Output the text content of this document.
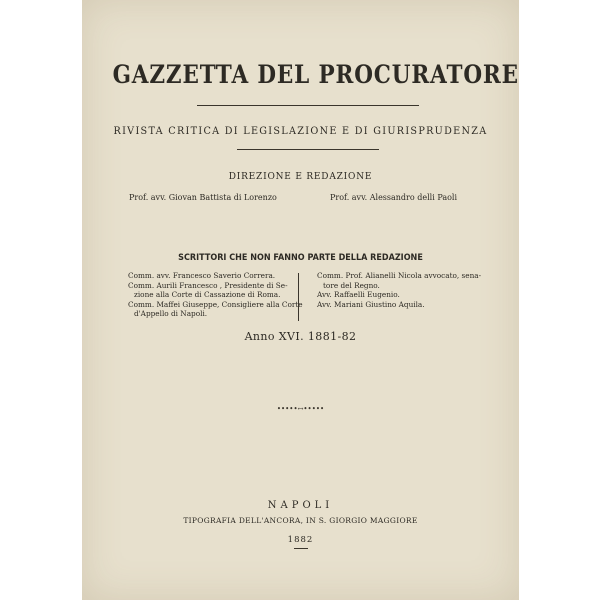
GAZZETTA DEL PROCURATORE
RIVISTA CRITICA DI LEGISLAZIONE E DI GIURISPRUDENZA
DIREZIONE E REDAZIONE
Prof. avv. Giovan Battista di Lorenzo	Prof. avv. Alessandro delli Paoli
SCRITTORI CHE NON FANNO PARTE DELLA REDAZIONE
Comm. avv. Francesco Saverio Correra.
Comm. Aurili Francesco , Presidente di Se-
zione alla Corte di Cassazione di Roma.
Comm. Maffei Giuseppe, Consigliere alla Corte
d'Appello di Napoli.
Comm. Prof. Alianelli Nicola avvocato, sena-
tore del Regno.
Avv. Raffaelli Eugenio.
Avv. Mariani Giustino Aquila.
Anno XVI. 1881-82
•••••↔•••••
NAPOLI
TIPOGRAFIA DELL'ANCORA, IN S. GIORGIO MAGGIORE
1882
